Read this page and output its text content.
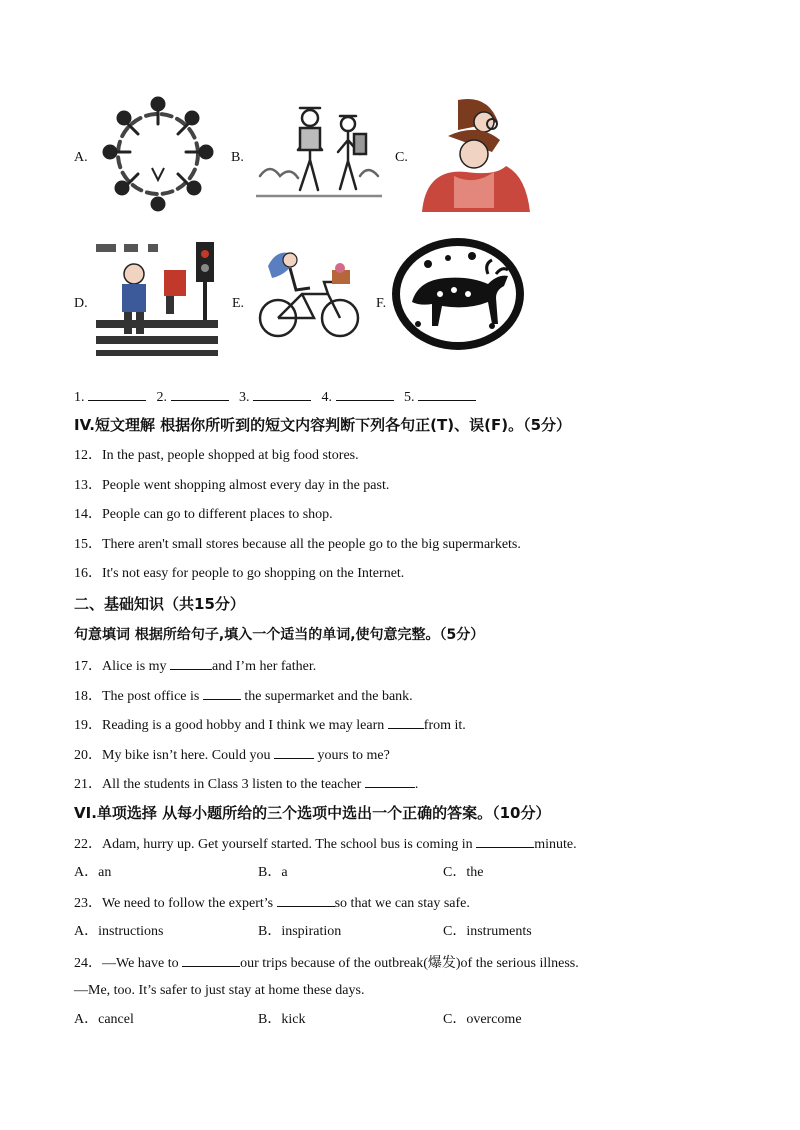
A.	B.	C.
D.	E.	F.
1.	2.	3.	4.	5.
IV.短文理解 根据你所听到的短文内容判断下列各句正(T)、误(F)。（5分）
12．In the past, people shopped at big food stores.
13．People went shopping almost every day in the past.
14．People can go to different places to shop.
15．There aren't small stores because all the people go to the big supermarkets.
16．It's not easy for people to go shopping on the Internet.
二、基础知识（共15分）
句意填词 根据所给句子,填入一个适当的单词,使句意完整。（5分）
17．Alice is my	and I’m her father.
18．The post office is	the supermarket and the bank.
19．Reading is a good hobby and I think we may learn	from it.
20．My bike isn’t here. Could you	yours to me?
21．All the students in Class 3 listen to the teacher	.
VI.单项选择 从每小题所给的三个选项中选出一个正确的答案。（10分）
22．Adam, hurry up. Get yourself started. The school bus is coming in	minute.
A．an	B．a	C．the
23．We need to follow the expert’s	so that we can stay safe.
A．instructions	B．inspiration	C．instruments
24．—We have to	our trips because of the outbreak(爆发)of the serious illness.
—Me, too. It’s safer to just stay at home these days.
A．cancel	B．kick	C．overcome
